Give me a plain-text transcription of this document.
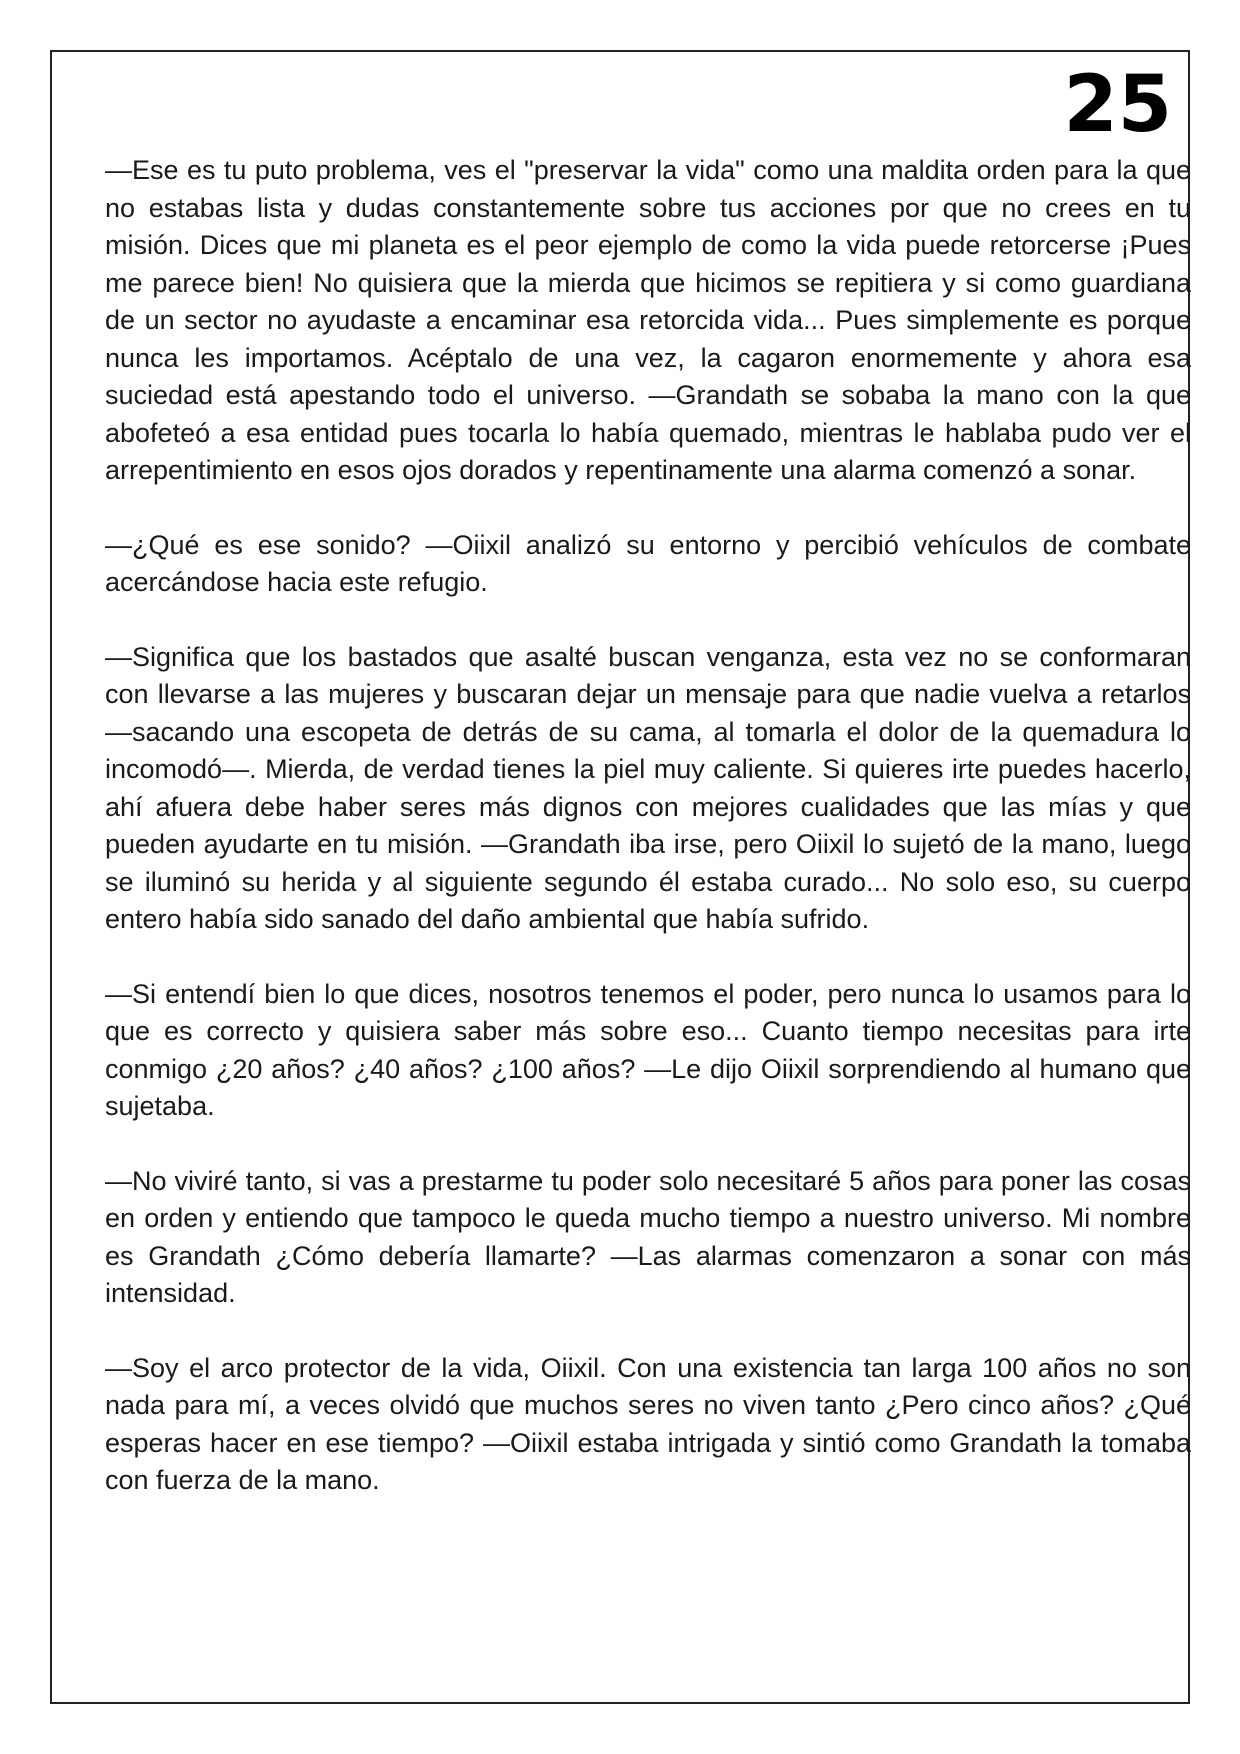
25

—Ese es tu puto problema, ves el "preservar la vida" como una maldita orden para la que no estabas lista y dudas constantemente sobre tus acciones por que no crees en tu misión. Dices que mi planeta es el peor ejemplo de como la vida puede retorcerse ¡Pues me parece bien! No quisiera que la mierda que hicimos se repitiera y si como guardiana de un sector no ayudaste a encaminar esa retorcida vida... Pues simplemente es porque nunca les importamos. Acéptalo de una vez, la cagaron enormemente y ahora esa suciedad está apestando todo el universo. —Grandath se sobaba la mano con la que abofeteó a esa entidad pues tocarla lo había quemado, mientras le hablaba pudo ver el arrepentimiento en esos ojos dorados y repentinamente una alarma comenzó a sonar.

—¿Qué es ese sonido? —Oiixil analizó su entorno y percibió vehículos de combate acercándose hacia este refugio.

—Significa que los bastados que asalté buscan venganza, esta vez no se conformaran con llevarse a las mujeres y buscaran dejar un mensaje para que nadie vuelva a retarlos —sacando una escopeta de detrás de su cama, al tomarla el dolor de la quemadura lo incomodó—. Mierda, de verdad tienes la piel muy caliente. Si quieres irte puedes hacerlo, ahí afuera debe haber seres más dignos con mejores cualidades que las mías y que pueden ayudarte en tu misión. —Grandath iba irse, pero Oiixil lo sujetó de la mano, luego se iluminó su herida y al siguiente segundo él estaba curado... No solo eso, su cuerpo entero había sido sanado del daño ambiental que había sufrido.

—Si entendí bien lo que dices, nosotros tenemos el poder, pero nunca lo usamos para lo que es correcto y quisiera saber más sobre eso... Cuanto tiempo necesitas para irte conmigo ¿20 años? ¿40 años? ¿100 años? —Le dijo Oiixil sorprendiendo al humano que sujetaba.

—No viviré tanto, si vas a prestarme tu poder solo necesitaré 5 años para poner las cosas en orden y entiendo que tampoco le queda mucho tiempo a nuestro universo. Mi nombre es Grandath ¿Cómo debería llamarte? —Las alarmas comenzaron a sonar con más intensidad.

—Soy el arco protector de la vida, Oiixil. Con una existencia tan larga 100 años no son nada para mí, a veces olvidó que muchos seres no viven tanto ¿Pero cinco años? ¿Qué esperas hacer en ese tiempo? —Oiixil estaba intrigada y sintió como Grandath la tomaba con fuerza de la mano.
